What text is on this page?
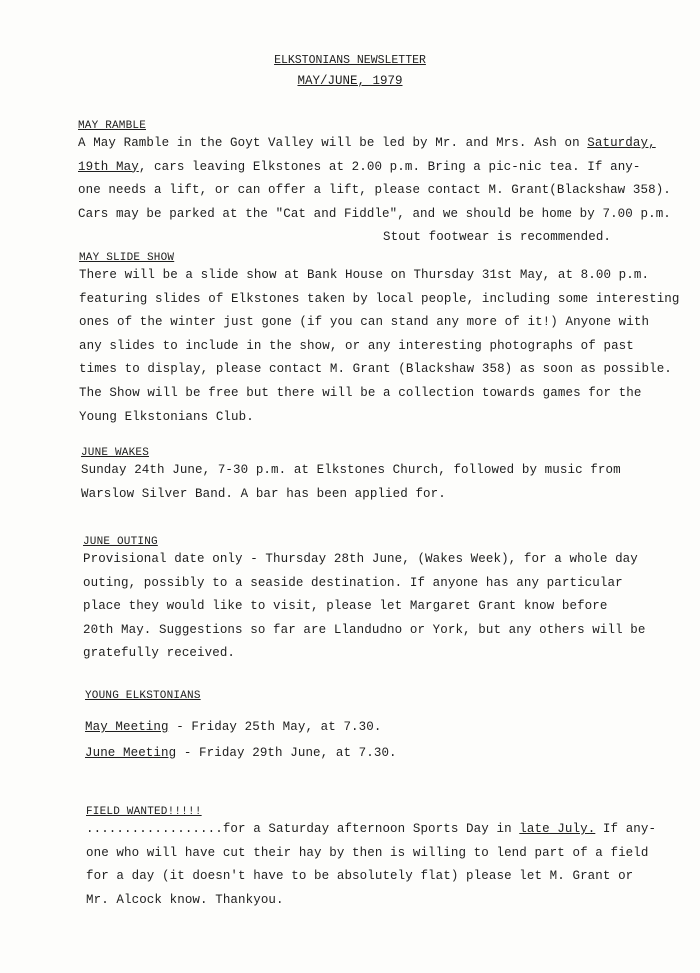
ELKSTONIANS NEWSLETTER
MAY/JUNE, 1979
MAY RAMBLE
A May Ramble in the Goyt Valley will be led by Mr. and Mrs. Ash on Saturday,
19th May, cars leaving Elkstones at 2.00 p.m. Bring a pic-nic tea. If any-
one needs a lift, or can offer a lift, please contact M. Grant(Blackshaw 358).
Cars may be parked at the "Cat and Fiddle", and we should be home by 7.00 p.m.
Stout footwear is recommended.
MAY SLIDE SHOW
There will be a slide show at Bank House on Thursday 31st May, at 8.00 p.m.
featuring slides of Elkstones taken by local people, including some interesting
ones of the winter just gone (if you can stand any more of it!) Anyone with
any slides to include in the show, or any interesting photographs of past
times to display, please contact M. Grant (Blackshaw 358) as soon as possible.
The Show will be free but there will be a collection towards games for the
Young Elkstonians Club.
JUNE WAKES
Sunday 24th June, 7-30 p.m. at Elkstones Church, followed by music from
Warslow Silver Band. A bar has been applied for.
JUNE OUTING
Provisional date only - Thursday 28th June, (Wakes Week), for a whole day
outing, possibly to a seaside destination. If anyone has any particular
place they would like to visit, please let Margaret Grant know before
20th May. Suggestions so far are Llandudno or York, but any others will be
gratefully received.
YOUNG ELKSTONIANS
May Meeting - Friday 25th May, at 7.30.
June Meeting - Friday 29th June, at 7.30.
FIELD WANTED!!!!!
..................for a Saturday afternoon Sports Day in late July. If any-
one who will have cut their hay by then is willing to lend part of a field
for a day (it doesn't have to be absolutely flat) please let M. Grant or
Mr. Alcock know. Thankyou.
